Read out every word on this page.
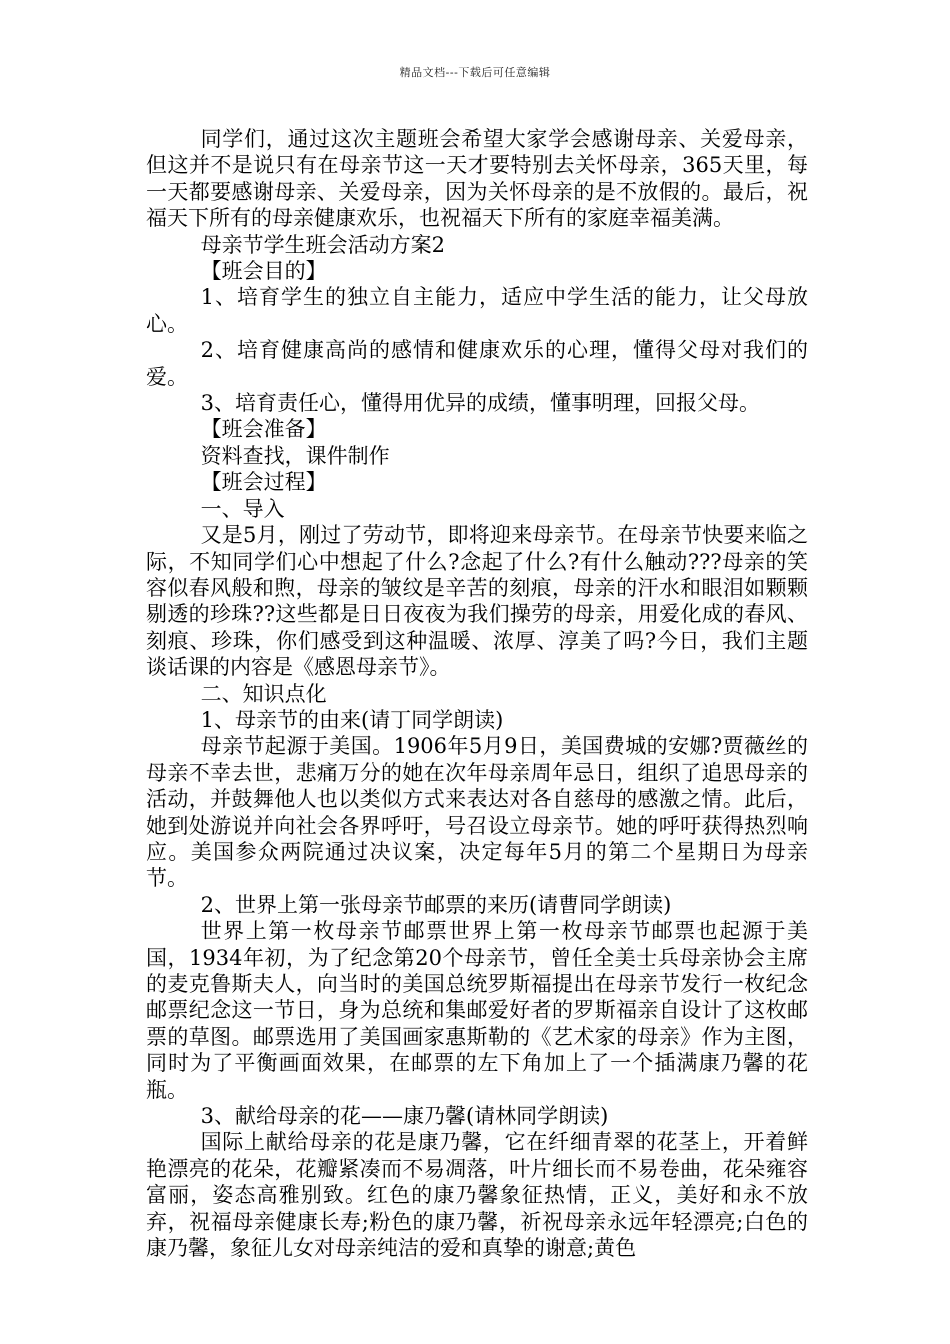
精品文档---下载后可任意编辑

同学们，通过这次主题班会希望大家学会感谢母亲、关爱母亲，但这并不是说只有在母亲节这一天才要特别去关怀母亲，365天里，每一天都要感谢母亲、关爱母亲，因为关怀母亲的是不放假的。最后，祝福天下所有的母亲健康欢乐，也祝福天下所有的家庭幸福美满。

母亲节学生班会活动方案2

【班会目的】

1、培育学生的独立自主能力，适应中学生活的能力，让父母放心。

2、培育健康高尚的感情和健康欢乐的心理，懂得父母对我们的爱。

3、培育责任心，懂得用优异的成绩，懂事明理，回报父母。

【班会准备】

资料查找，课件制作

【班会过程】

一、导入

又是5月，刚过了劳动节，即将迎来母亲节。在母亲节快要来临之际，不知同学们心中想起了什么?念起了什么?有什么触动???母亲的笑容似春风般和煦，母亲的皱纹是辛苦的刻痕，母亲的汗水和眼泪如颗颗剔透的珍珠??这些都是日日夜夜为我们操劳的母亲，用爱化成的春风、刻痕、珍珠，你们感受到这种温暖、浓厚、淳美了吗?今日，我们主题谈话课的内容是《感恩母亲节》。

二、知识点化

1、母亲节的由来(请丁同学朗读)

母亲节起源于美国。1906年5月9日，美国费城的安娜?贾薇丝的母亲不幸去世，悲痛万分的她在次年母亲周年忌日，组织了追思母亲的活动，并鼓舞他人也以类似方式来表达对各自慈母的感激之情。此后，她到处游说并向社会各界呼吁，号召设立母亲节。她的呼吁获得热烈响应。美国参众两院通过决议案，决定每年5月的第二个星期日为母亲节。

2、世界上第一张母亲节邮票的来历(请曹同学朗读)

世界上第一枚母亲节邮票世界上第一枚母亲节邮票也起源于美国，1934年初，为了纪念第20个母亲节，曾任全美士兵母亲协会主席的麦克鲁斯夫人，向当时的美国总统罗斯福提出在母亲节发行一枚纪念邮票纪念这一节日，身为总统和集邮爱好者的罗斯福亲自设计了这枚邮票的草图。邮票选用了美国画家惠斯勒的《艺术家的母亲》作为主图，同时为了平衡画面效果，在邮票的左下角加上了一个插满康乃馨的花瓶。

3、献给母亲的花——康乃馨(请林同学朗读)

国际上献给母亲的花是康乃馨，它在纤细青翠的花茎上，开着鲜艳漂亮的花朵，花瓣紧凑而不易凋落，叶片细长而不易卷曲，花朵雍容富丽，姿态高雅别致。红色的康乃馨象征热情，正义，美好和永不放弃，祝福母亲健康长寿;粉色的康乃馨，祈祝母亲永远年轻漂亮;白色的康乃馨，象征儿女对母亲纯洁的爱和真挚的谢意;黄色
